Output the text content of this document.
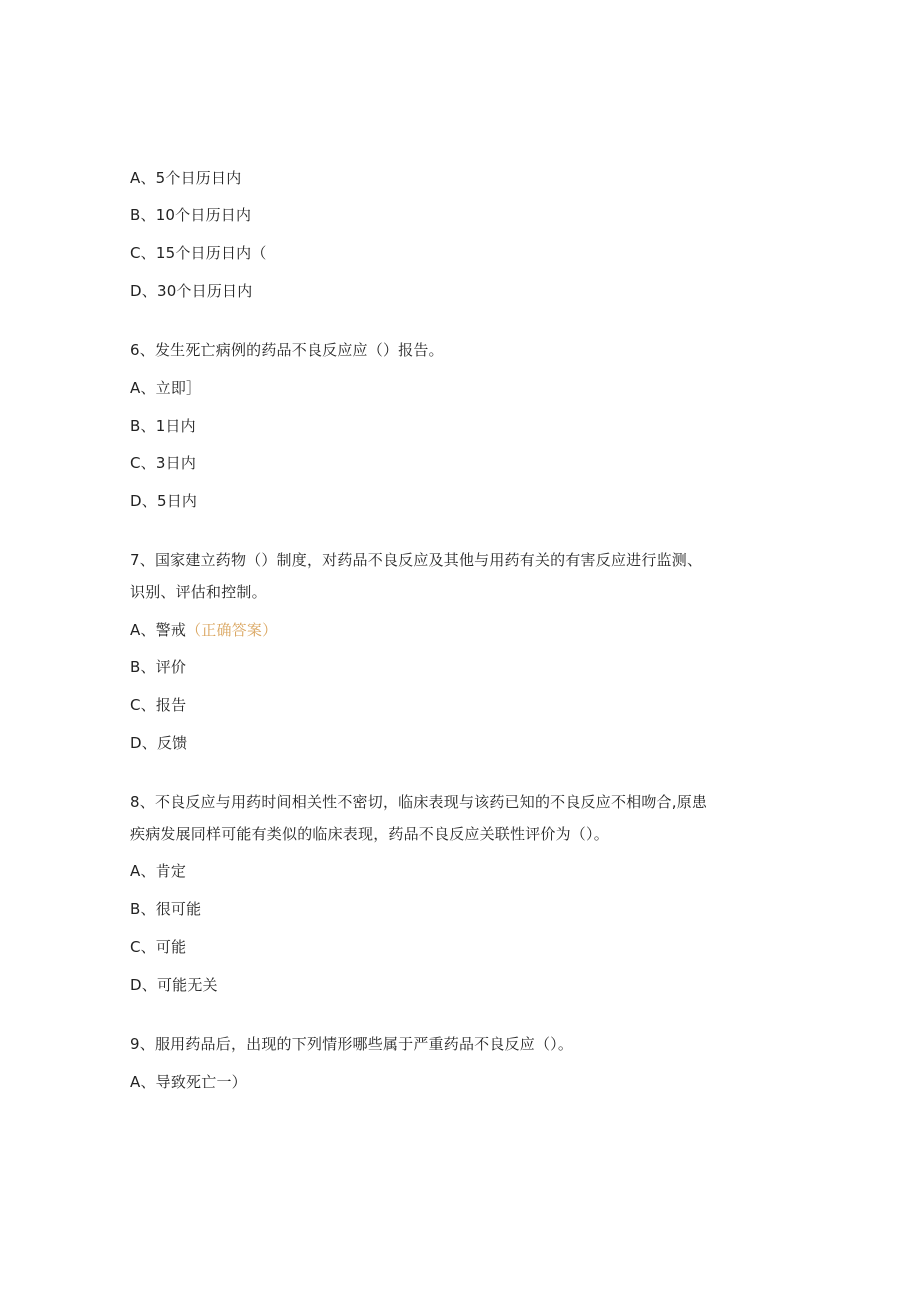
A、5个日历日内
B、10个日历日内
C、15个日历日内（
D、30个日历日内
6、发生死亡病例的药品不良反应应（）报告。
A、立即］
B、1日内
C、3日内
D、5日内
7、国家建立药物（）制度，对药品不良反应及其他与用药有关的有害反应进行监测、
识别、评估和控制。
A、警戒（正确答案）
B、评价
C、报告
D、反馈
8、不良反应与用药时间相关性不密切，临床表现与该药已知的不良反应不相吻合,原患
疾病发展同样可能有类似的临床表现，药品不良反应关联性评价为（）。
A、肯定
B、很可能
C、可能
D、可能无关
9、服用药品后，出现的下列情形哪些属于严重药品不良反应（）。
A、导致死亡一）
